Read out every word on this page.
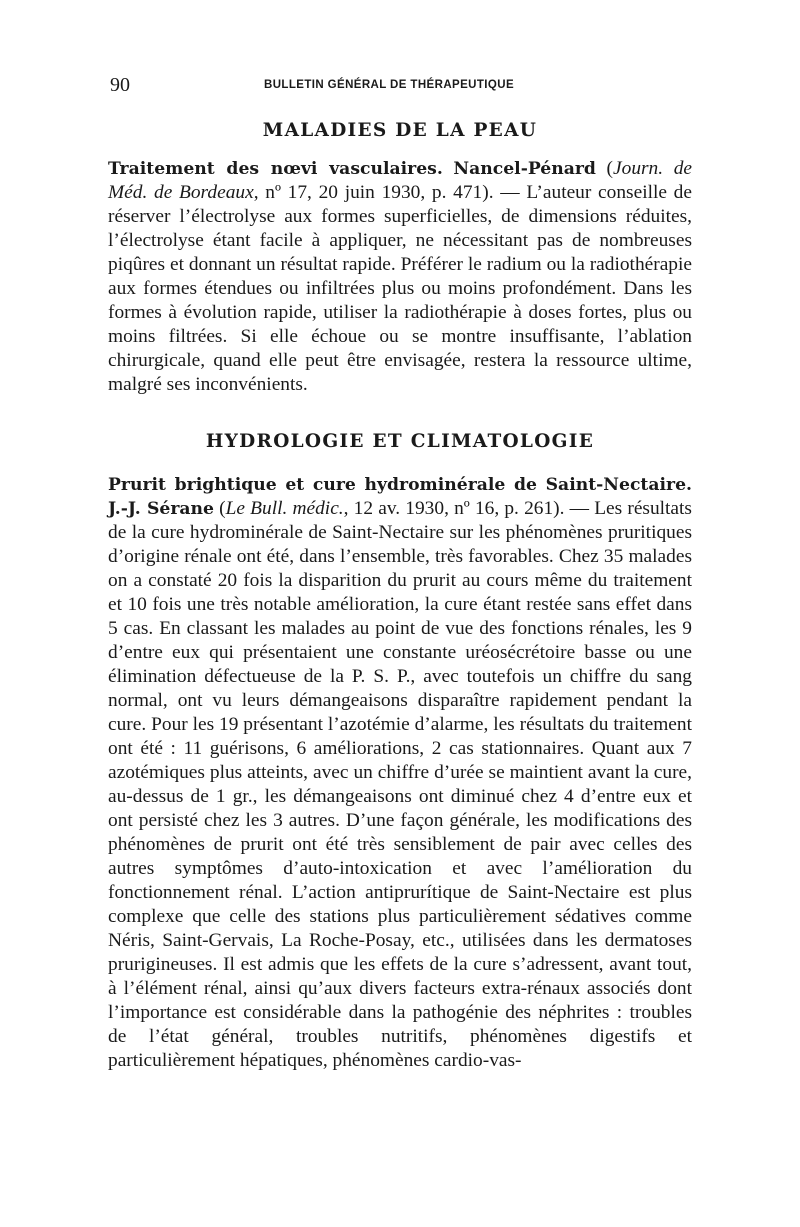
90	BULLETIN GÉNÉRAL DE THÉRAPEUTIQUE
MALADIES DE LA PEAU

Traitement des nœvi vasculaires. Nancel-Pénard (Journ. de Méd. de Bordeaux, nº 17, 20 juin 1930, p. 471). — L’auteur conseille de réserver l’électrolyse aux formes superficielles, de dimensions réduites, l’électrolyse étant facile à appliquer, ne nécessitant pas de nombreuses piqûres et donnant un résultat rapide. Préférer le radium ou la radiothérapie aux formes étendues ou infiltrées plus ou moins profondément. Dans les formes à évolution rapide, utiliser la radiothérapie à doses fortes, plus ou moins filtrées. Si elle échoue ou se montre insuffisante, l’ablation chirurgicale, quand elle peut être envisagée, restera la ressource ultime, malgré ses inconvénients.

HYDROLOGIE ET CLIMATOLOGIE

Prurit brightique et cure hydrominérale de Saint-Nectaire. J.-J. Sérane (Le Bull. médic., 12 av. 1930, nº 16, p. 261). — Les résultats de la cure hydrominérale de Saint-Nectaire sur les phénomènes pruritiques d’origine rénale ont été, dans l’ensemble, très favorables. Chez 35 malades on a constaté 20 fois la disparition du prurit au cours même du traitement et 10 fois une très notable amélioration, la cure étant restée sans effet dans 5 cas. En classant les malades au point de vue des fonctions rénales, les 9 d’entre eux qui présentaient une constante uréosécrétoire basse ou une élimination défectueuse de la P. S. P., avec toutefois un chiffre du sang normal, ont vu leurs démangeaisons disparaître rapidement pendant la cure. Pour les 19 présentant l’azotémie d’alarme, les résultats du traitement ont été : 11 guérisons, 6 améliorations, 2 cas stationnaires. Quant aux 7 azotémiques plus atteints, avec un chiffre d’urée se maintient avant la cure, au-dessus de 1 gr., les démangeaisons ont diminué chez 4 d’entre eux et ont persisté chez les 3 autres. D’une façon générale, les modifications des phénomènes de prurit ont été très sensiblement de pair avec celles des autres symptômes d’auto-intoxication et avec l’amélioration du fonctionnement rénal. L’action antiprurítique de Saint-Nectaire est plus complexe que celle des stations plus particulièrement sédatives comme Néris, Saint-Gervais, La Roche-Posay, etc., utilisées dans les dermatoses prurigineuses. Il est admis que les effets de la cure s’adressent, avant tout, à l’élément rénal, ainsi qu’aux divers facteurs extra-rénaux associés dont l’importance est considérable dans la pathogénie des néphrites : troubles de l’état général, troubles nutritifs, phénomènes digestifs et particulièrement hépatiques, phénomènes cardio-vas-
